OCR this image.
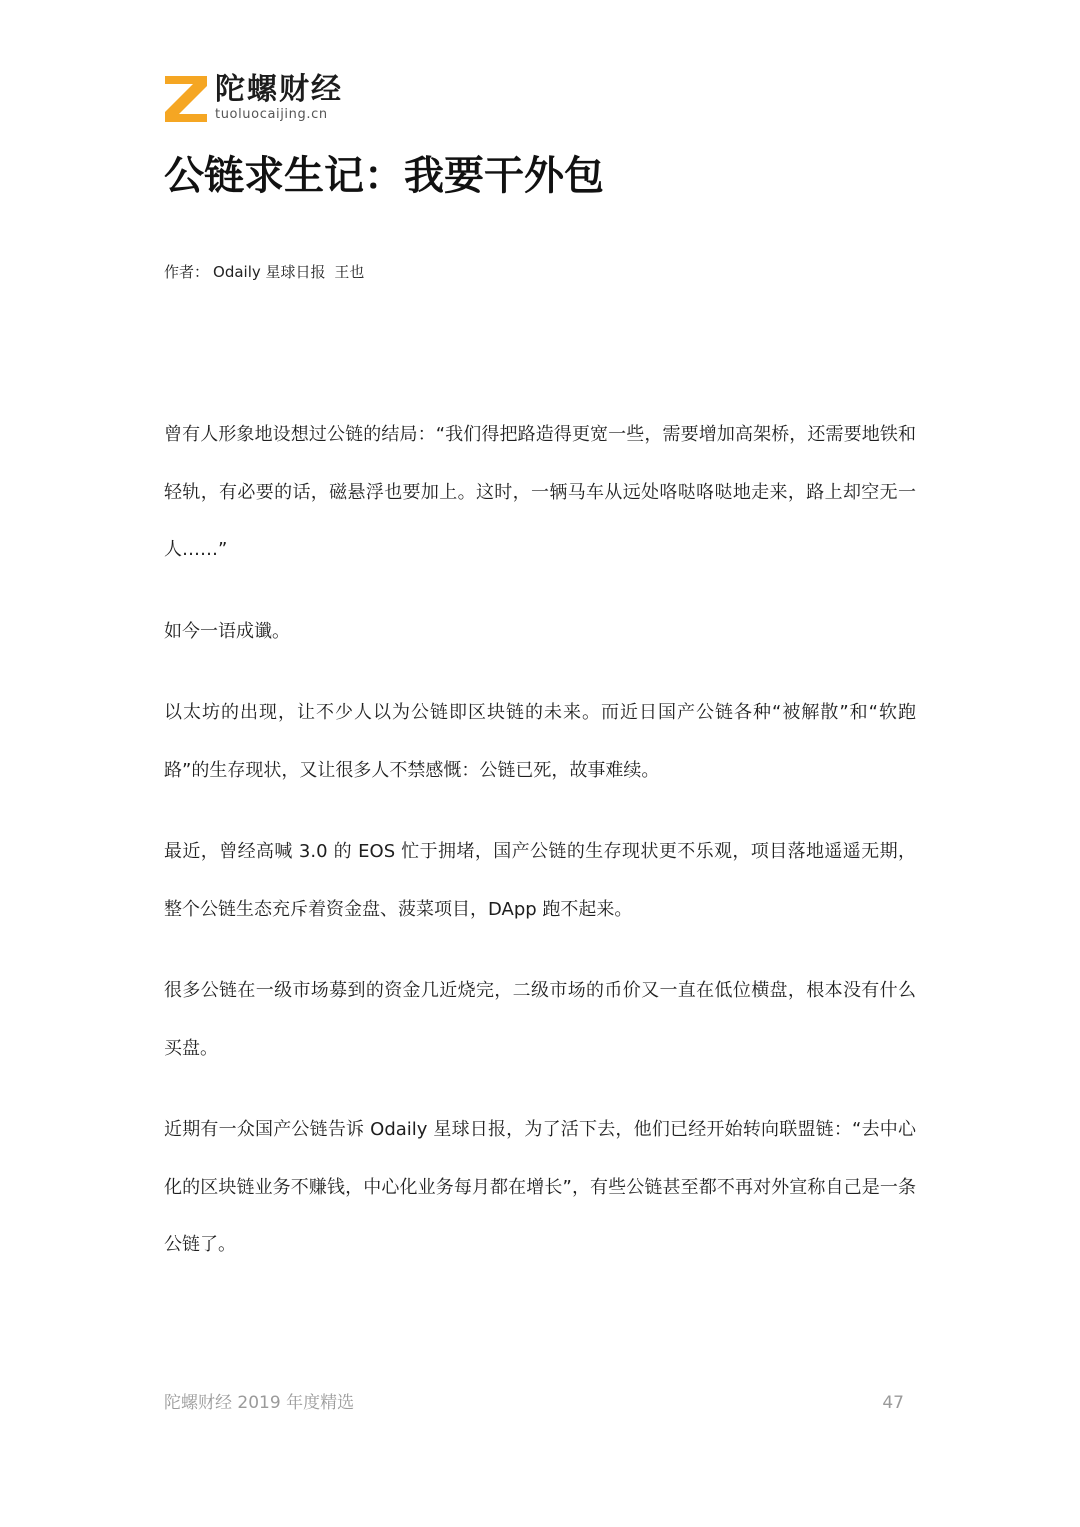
陀螺财经
tuoluocaijing.cn
公链求生记：我要干外包
作者： Odaily 星球日报 王也

曾有人形象地设想过公链的结局：“我们得把路造得更宽一些，需要增加高架桥，还需要地铁和轻轨，有必要的话，磁悬浮也要加上。这时，一辆马车从远处咯哒咯哒地走来，路上却空无一人……”

如今一语成谶。

以太坊的出现，让不少人以为公链即区块链的未来。而近日国产公链各种“被解散”和“软跑路”的生存现状，又让很多人不禁感慨：公链已死，故事难续。

最近，曾经高喊 3.0 的 EOS 忙于拥堵，国产公链的生存现状更不乐观，项目落地遥遥无期，整个公链生态充斥着资金盘、菠菜项目，DApp 跑不起来。

很多公链在一级市场募到的资金几近烧完，二级市场的币价又一直在低位横盘，根本没有什么买盘。

近期有一众国产公链告诉 Odaily 星球日报，为了活下去，他们已经开始转向联盟链：“去中心化的区块链业务不赚钱，中心化业务每月都在增长”，有些公链甚至都不再对外宣称自己是一条公链了。

陀螺财经 2019 年度精选	47
